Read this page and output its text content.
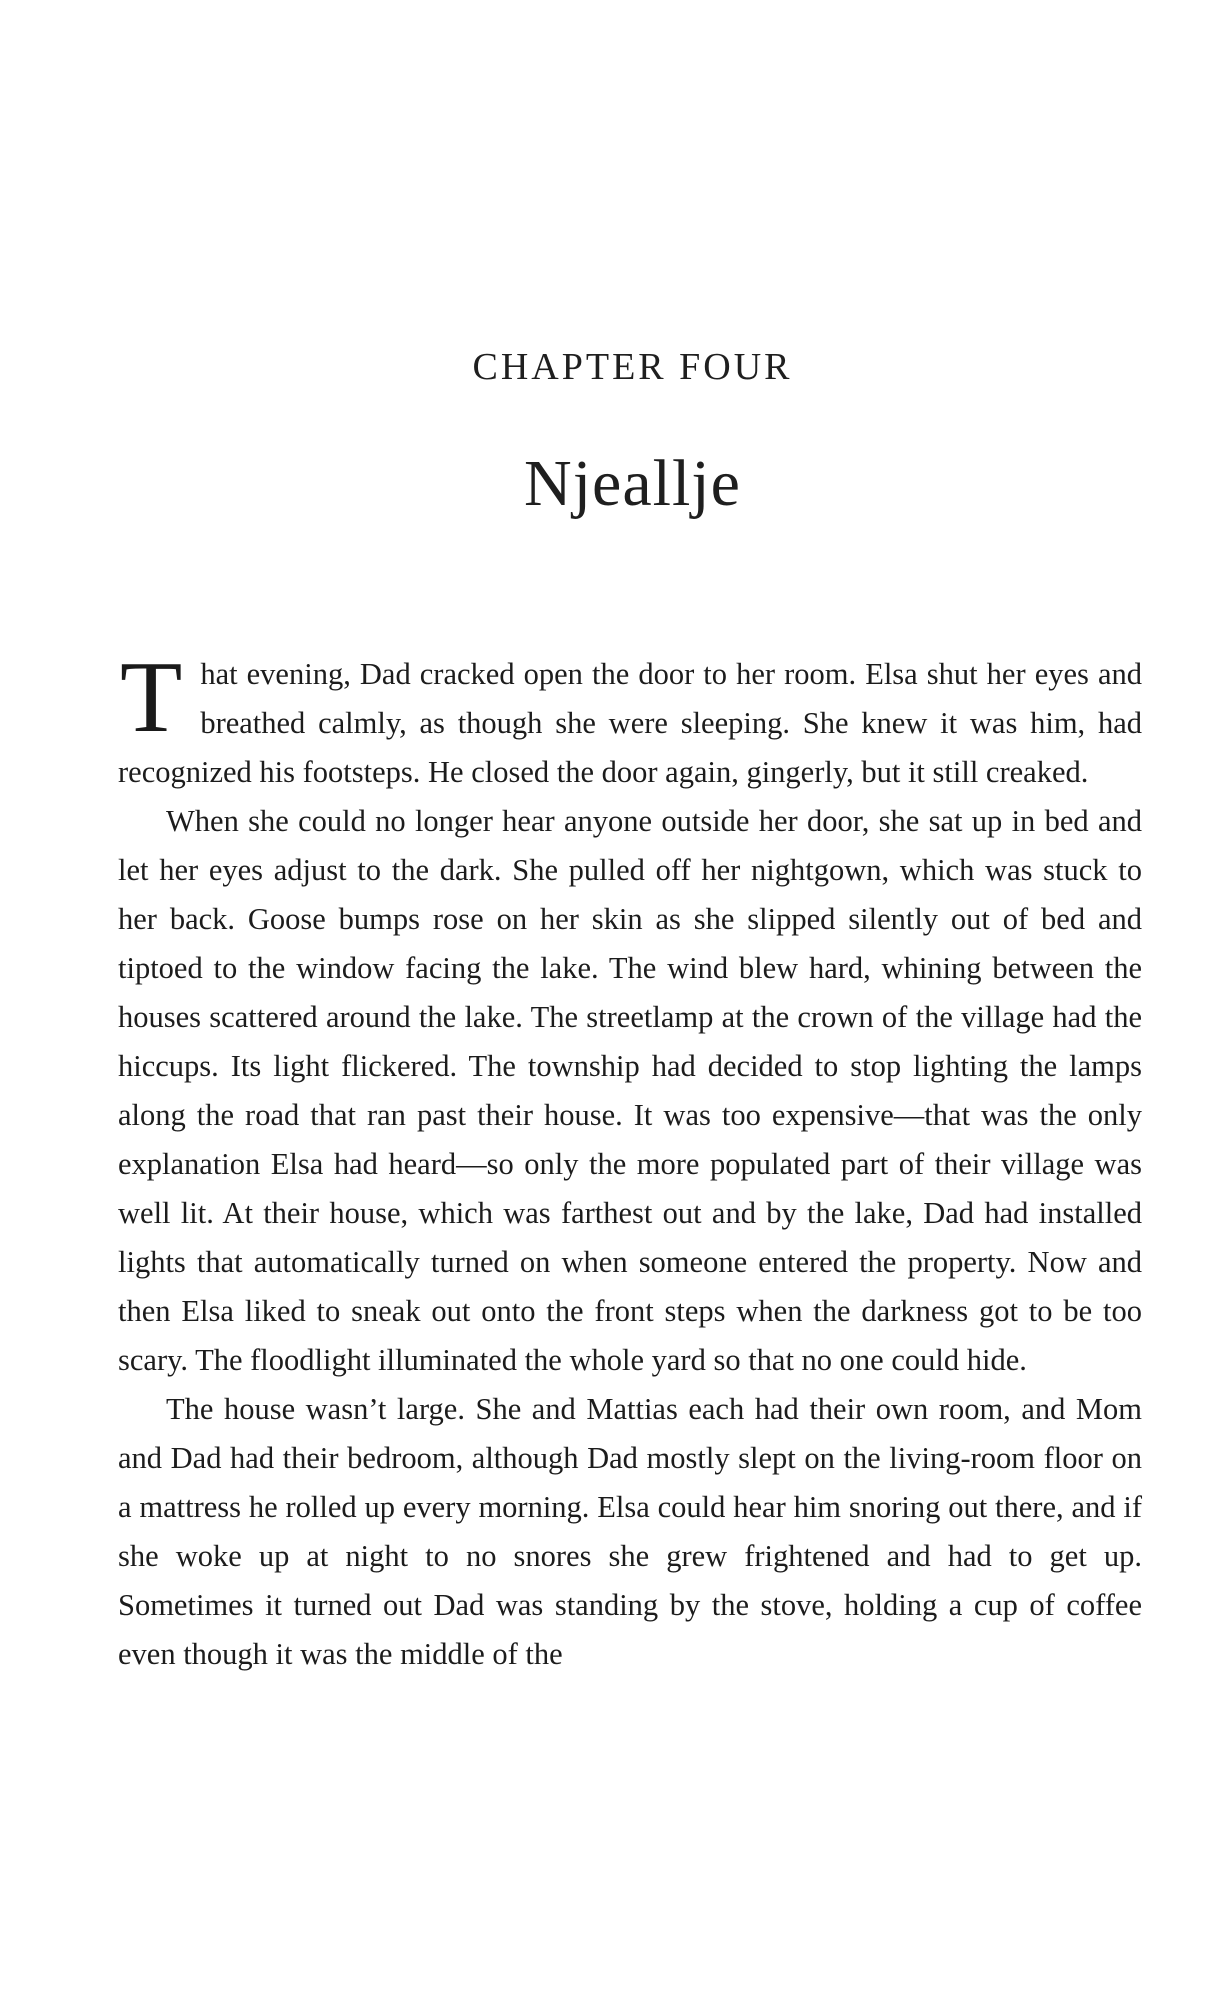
CHAPTER FOUR
Njeallje

That evening, Dad cracked open the door to her room. Elsa shut her eyes and breathed calmly, as though she were sleeping. She knew it was him, had recognized his footsteps. He closed the door again, gingerly, but it still creaked.

When she could no longer hear anyone outside her door, she sat up in bed and let her eyes adjust to the dark. She pulled off her nightgown, which was stuck to her back. Goose bumps rose on her skin as she slipped silently out of bed and tiptoed to the window facing the lake. The wind blew hard, whining between the houses scattered around the lake. The streetlamp at the crown of the village had the hiccups. Its light flickered. The township had decided to stop lighting the lamps along the road that ran past their house. It was too expensive—that was the only explanation Elsa had heard—so only the more populated part of their village was well lit. At their house, which was farthest out and by the lake, Dad had installed lights that automatically turned on when someone entered the property. Now and then Elsa liked to sneak out onto the front steps when the darkness got to be too scary. The floodlight illuminated the whole yard so that no one could hide.

The house wasn’t large. She and Mattias each had their own room, and Mom and Dad had their bedroom, although Dad mostly slept on the living-room floor on a mattress he rolled up every morning. Elsa could hear him snoring out there, and if she woke up at night to no snores she grew frightened and had to get up. Sometimes it turned out Dad was standing by the stove, holding a cup of coffee even though it was the middle of the
